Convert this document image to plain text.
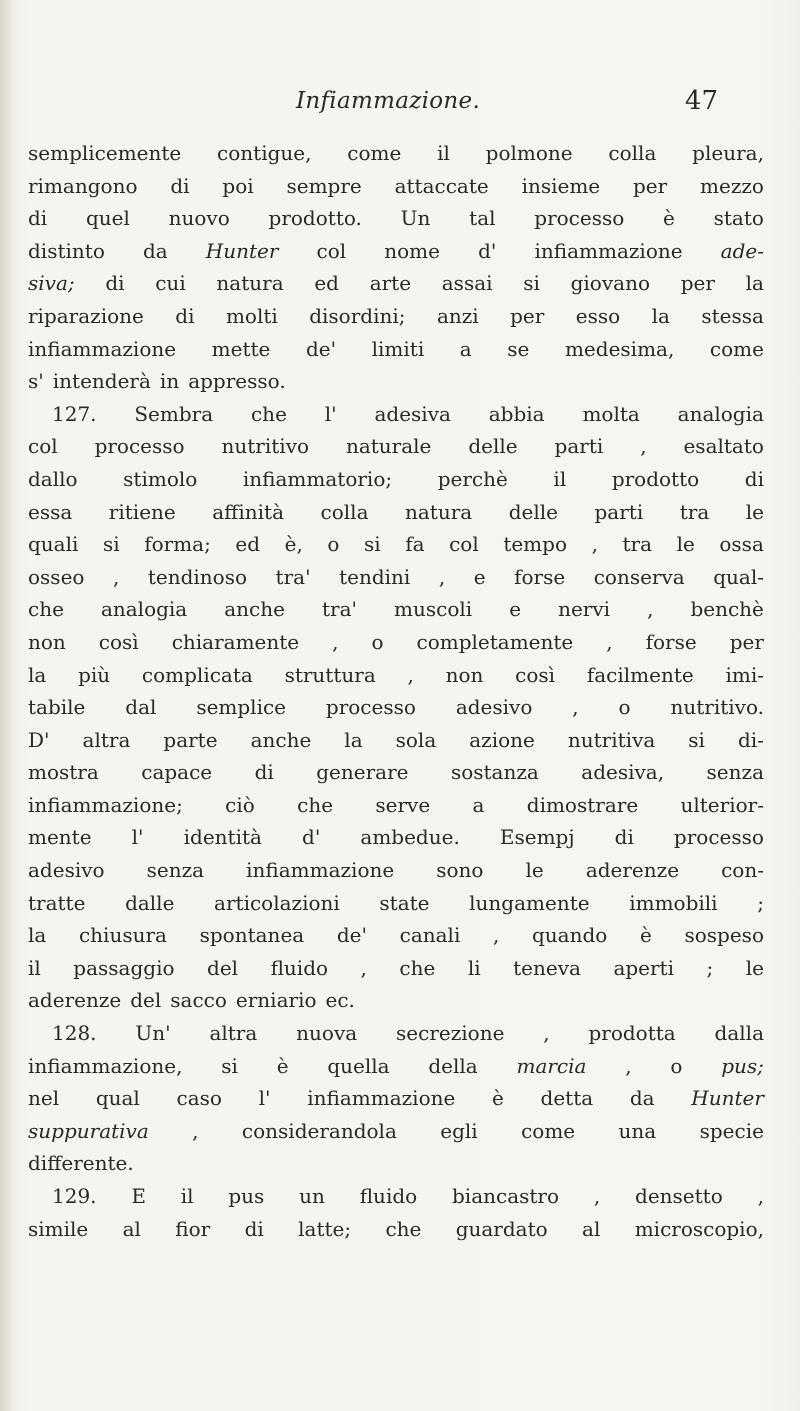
Infiammazione.	47
semplicemente contigue, come il polmone colla pleura,
rimangono di poi sempre attaccate insieme per mezzo
di quel nuovo prodotto. Un tal processo è stato
distinto da Hunter col nome d' infiammazione ade-
siva; di cui natura ed arte assai si giovano per la
riparazione di molti disordini; anzi per esso la stessa
infiammazione mette de' limiti a se medesima, come
s' intenderà in appresso.
127. Sembra che l' adesiva abbia molta analogia
col processo nutritivo naturale delle parti , esaltato
dallo stimolo infiammatorio; perchè il prodotto di
essa ritiene affinità colla natura delle parti tra le
quali si forma; ed è, o si fa col tempo , tra le ossa
osseo , tendinoso tra' tendini , e forse conserva qual-
che analogia anche tra' muscoli e nervi , benchè
non così chiaramente , o completamente , forse per
la più complicata struttura , non così facilmente imi-
tabile dal semplice processo adesivo , o nutritivo.
D' altra parte anche la sola azione nutritiva si di-
mostra capace di generare sostanza adesiva, senza
infiammazione; ciò che serve a dimostrare ulterior-
mente l' identità d' ambedue. Esempj di processo
adesivo senza infiammazione sono le aderenze con-
tratte dalle articolazioni state lungamente immobili ;
la chiusura spontanea de' canali , quando è sospeso
il passaggio del fluido , che li teneva aperti ; le
aderenze del sacco erniario ec.
128. Un' altra nuova secrezione , prodotta dalla
infiammazione, si è quella della marcia , o pus;
nel qual caso l' infiammazione è detta da Hunter
suppurativa , considerandola egli come una specie
differente.
129. E il pus un fluido biancastro , densetto ,
simile al fior di latte; che guardato al microscopio,
